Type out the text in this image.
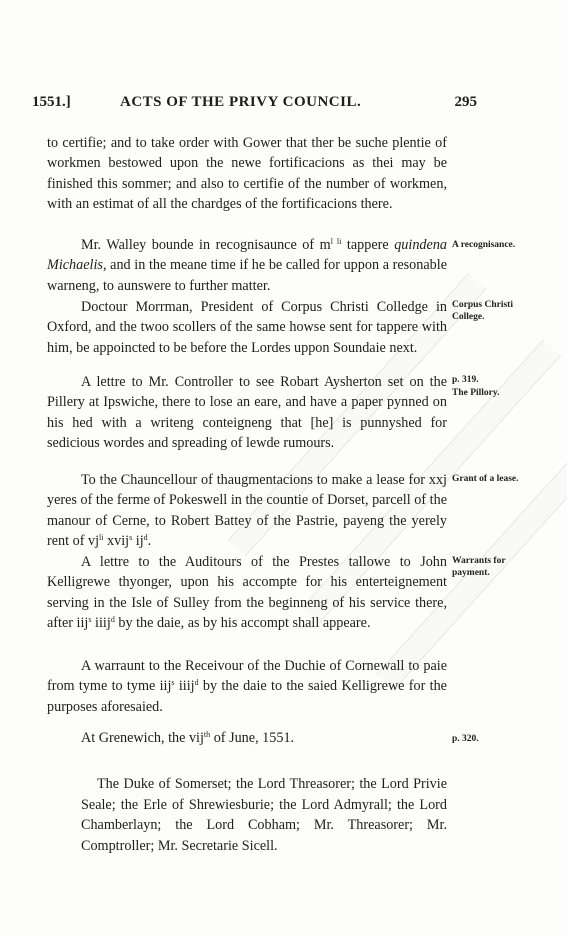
1551.]	ACTS OF THE PRIVY COUNCIL.	295

to certifie; and to take order with Gower that ther be suche plentie of workmen bestowed upon the newe fortificacions as thei may be finished this sommer; and also to certifie of the number of workmen, with an estimat of all the chardges of the fortificacions there.

Mr. Walley bounde in recognisaunce of $m^{l li}$ tappere quindena Michaelis, and in the meane time if he be called for uppon a resonable warneng, to aunswere to further matter.

A recognisance.

Doctour Morrman, President of Corpus Christi Colledge in Oxford, and the twoo scollers of the same howse sent for tappere with him, be appoincted to be before the Lordes uppon Soundaie next.

Corpus Christi College.

A lettre to Mr. Controller to see Robart Aysherton set on the Pillery at Ipswiche, there to lose an eare, and have a paper pynned on his hed with a writeng conteigneng that [he] is punnyshed for sedicious wordes and spreading of lewde rumours.

p. 319.
The Pillory.

To the Chauncellour of thaugmentacions to make a lease for xxj yeres of the ferme of Pokeswell in the countie of Dorset, parcell of the manour of Cerne, to Robert Battey of the Pastrie, payeng the yerely rent of $vj^{li}$ xvij$^s$ $ij^d$.

Grant of a lease.

A lettre to the Auditours of the Prestes tallowe to John Kelligrewe thyonger, upon his accompte for his enterteignement serving in the Isle of Sulley from the beginneng of his service there, after iij$^s$ iiij$^d$ by the daie, as by his accompt shall appeare.

Warrants for payment.

A warraunt to the Receivour of the Duchie of Cornewall to paie from tyme to tyme iij$^s$ iiij$^d$ by the daie to the saied Kelligrewe for the purposes aforesaied.

At Grenewich, the vij$^{th}$ of June, 1551.	p. 320.

The Duke of Somerset; the Lord Threasorer; the Lord Privie Seale; the Erle of Shrewiesburie; the Lord Admyrall; the Lord Chamberlayn; the Lord Cobham; Mr. Threasorer; Mr. Comptroller; Mr. Secretarie Sicell.
